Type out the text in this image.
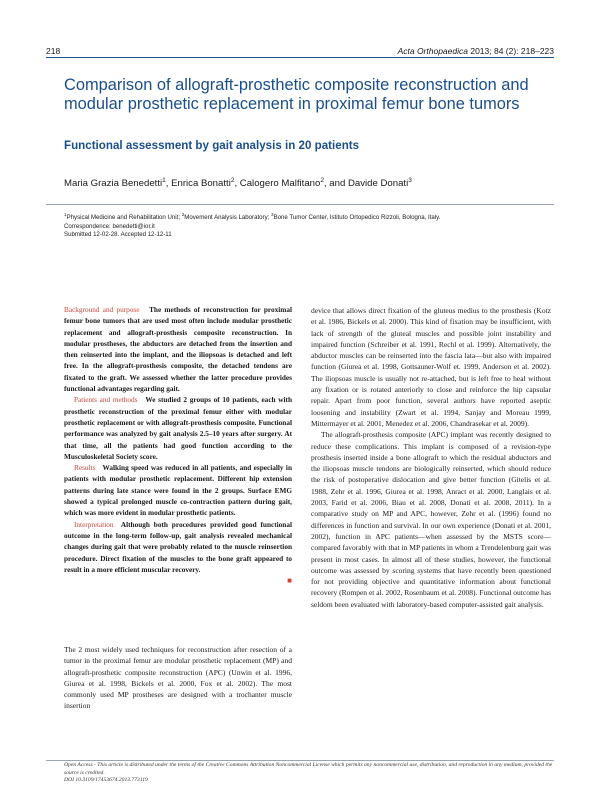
218	Acta Orthopaedica 2013; 84 (2): 218–223
Comparison of allograft-prosthetic composite reconstruction and modular prosthetic replacement in proximal femur bone tumors
Functional assessment by gait analysis in 20 patients
Maria Grazia Benedetti$^1$, Enrica Bonatti$^2$, Calogero Malfitano$^2$, and Davide Donati$^3$
$^1$Physical Medicine and Rehabilitation Unit; $^2$Movement Analysis Laboratory; $^3$Bone Tumor Center, Istituto Ortopedico Rizzoli, Bologna, Italy.
Correspondence: benedetti@ior.it
Submitted 12-02-28. Accepted 12-12-11

Background and purpose The methods of reconstruction for proximal femur bone tumors that are used most often include modular prosthetic replacement and allograft-prosthesis composite reconstruction. In modular prostheses, the abductors are detached from the insertion and then reinserted into the implant, and the iliopsoas is detached and left free. In the allograft-prosthesis composite, the detached tendons are fixated to the graft. We assessed whether the latter procedure provides functional advantages regarding gait.

Patients and methods We studied 2 groups of 10 patients, each with prosthetic reconstruction of the proximal femur either with modular prosthetic replacement or with allograft-prosthesis composite. Functional performance was analyzed by gait analysis 2.5–10 years after surgery. At that time, all the patients had good function according to the Musculoskeletal Society score.

Results Walking speed was reduced in all patients, and especially in patients with modular prosthetic replacement. Different hip extension patterns during late stance were found in the 2 groups. Surface EMG showed a typical prolonged muscle co-contraction pattern during gait, which was more evident in modular prosthetic patients.

Interpretation Although both procedures provided good functional outcome in the long-term follow-up, gait analysis revealed mechanical changes during gait that were probably related to the muscle reinsertion procedure. Direct fixation of the muscles to the bone graft appeared to result in a more efficient muscular recovery.

■

The 2 most widely used techniques for reconstruction after resection of a tumor in the proximal femur are modular prosthetic replacement (MP) and allograft-prosthetic composite reconstruction (APC) (Unwin et al. 1996, Giurea et al. 1998, Bickels et al. 2000, Fox et al. 2002). The most commonly used MP prostheses are designed with a trochanter muscle insertion

device that allows direct fixation of the gluteus medius to the prosthesis (Kotz et al. 1986, Bickels et al. 2000). This kind of fixation may be insufficient, with lack of strength of the gluteal muscles and possible joint instability and impaired function (Schreiber et al. 1991, Rechl et al. 1999). Alternatively, the abductor muscles can be reinserted into the fascia lata—but also with impaired function (Giurea et al. 1998, Gottsauner-Wolf et. 1999, Anderson et al. 2002). The iliopsoas muscle is usually not re-attached, but is left free to heal without any fixation or is rotated anteriorly to close and reinforce the hip capsular repair. Apart from poor function, several authors have reported aseptic loosening and instability (Zwart et al. 1994, Sanjay and Moreau 1999, Mittermayer et al. 2001, Menedez et al. 2006, Chandrasekar et al. 2009).

The allograft-prosthesis composite (APC) implant was recently designed to reduce these complications. This implant is composed of a revision-type prosthesis inserted inside a bone allograft to which the residual abductors and the iliopsoas muscle tendons are biologically reinserted, which should reduce the risk of postoperative dislocation and give better function (Gitelis et al. 1988, Zehr et al. 1996, Giurea et al. 1998, Anract et al. 2000, Langlais et al. 2003, Farid et al. 2006, Biau et al. 2008, Donati et al. 2008, 2011). In a comparative study on MP and APC, however, Zehr et al. (1996) found no differences in function and survival. In our own experience (Donati et al. 2001, 2002), function in APC patients—when assessed by the MSTS score—compared favorably with that in MP patients in whom a Trendelenburg gait was present in most cases. In almost all of these studies, however, the functional outcome was assessed by scoring systems that have recently been questioned for not providing objective and quantitative information about functional recovery (Rompen et al. 2002, Rosenbaum et al. 2008). Functional outcome has seldom been evaluated with laboratory-based computer-assisted gait analysis.

Open Access - This article is distributed under the terms of the Creative Commons Attribution Noncommercial License which permits any noncommercial use, distribution, and reproduction in any medium, provided the source is credited.
DOI 10.3109/17453674.2013.773119
